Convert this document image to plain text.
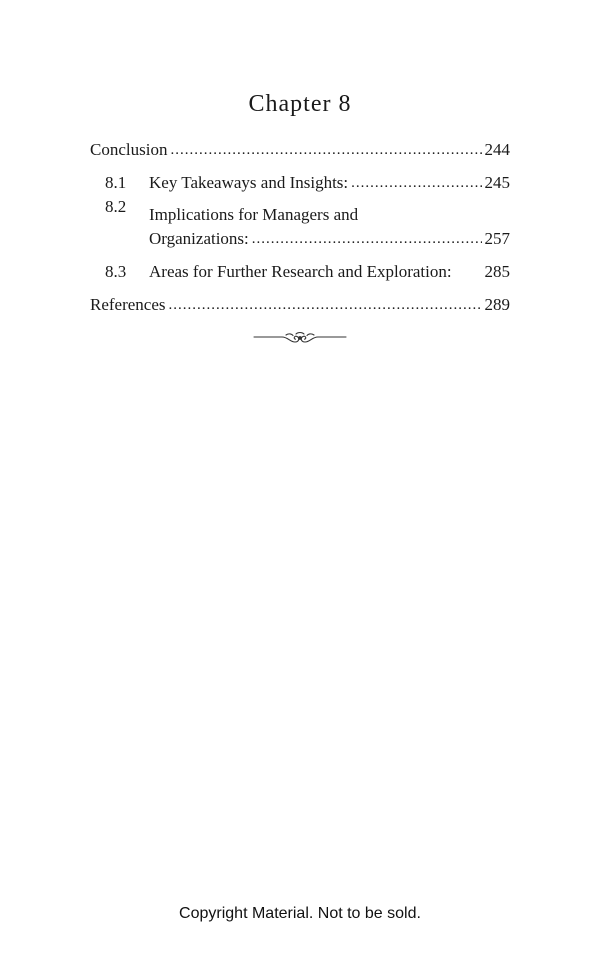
Chapter 8
Conclusion .....	244
8.1	Key Takeaways and Insights: .....	245
8.2	Implications for Managers and
Organizations: .....	257
8.3	Areas for Further Research and Exploration: 285
References .....	289
Copyright Material. Not to be sold.
